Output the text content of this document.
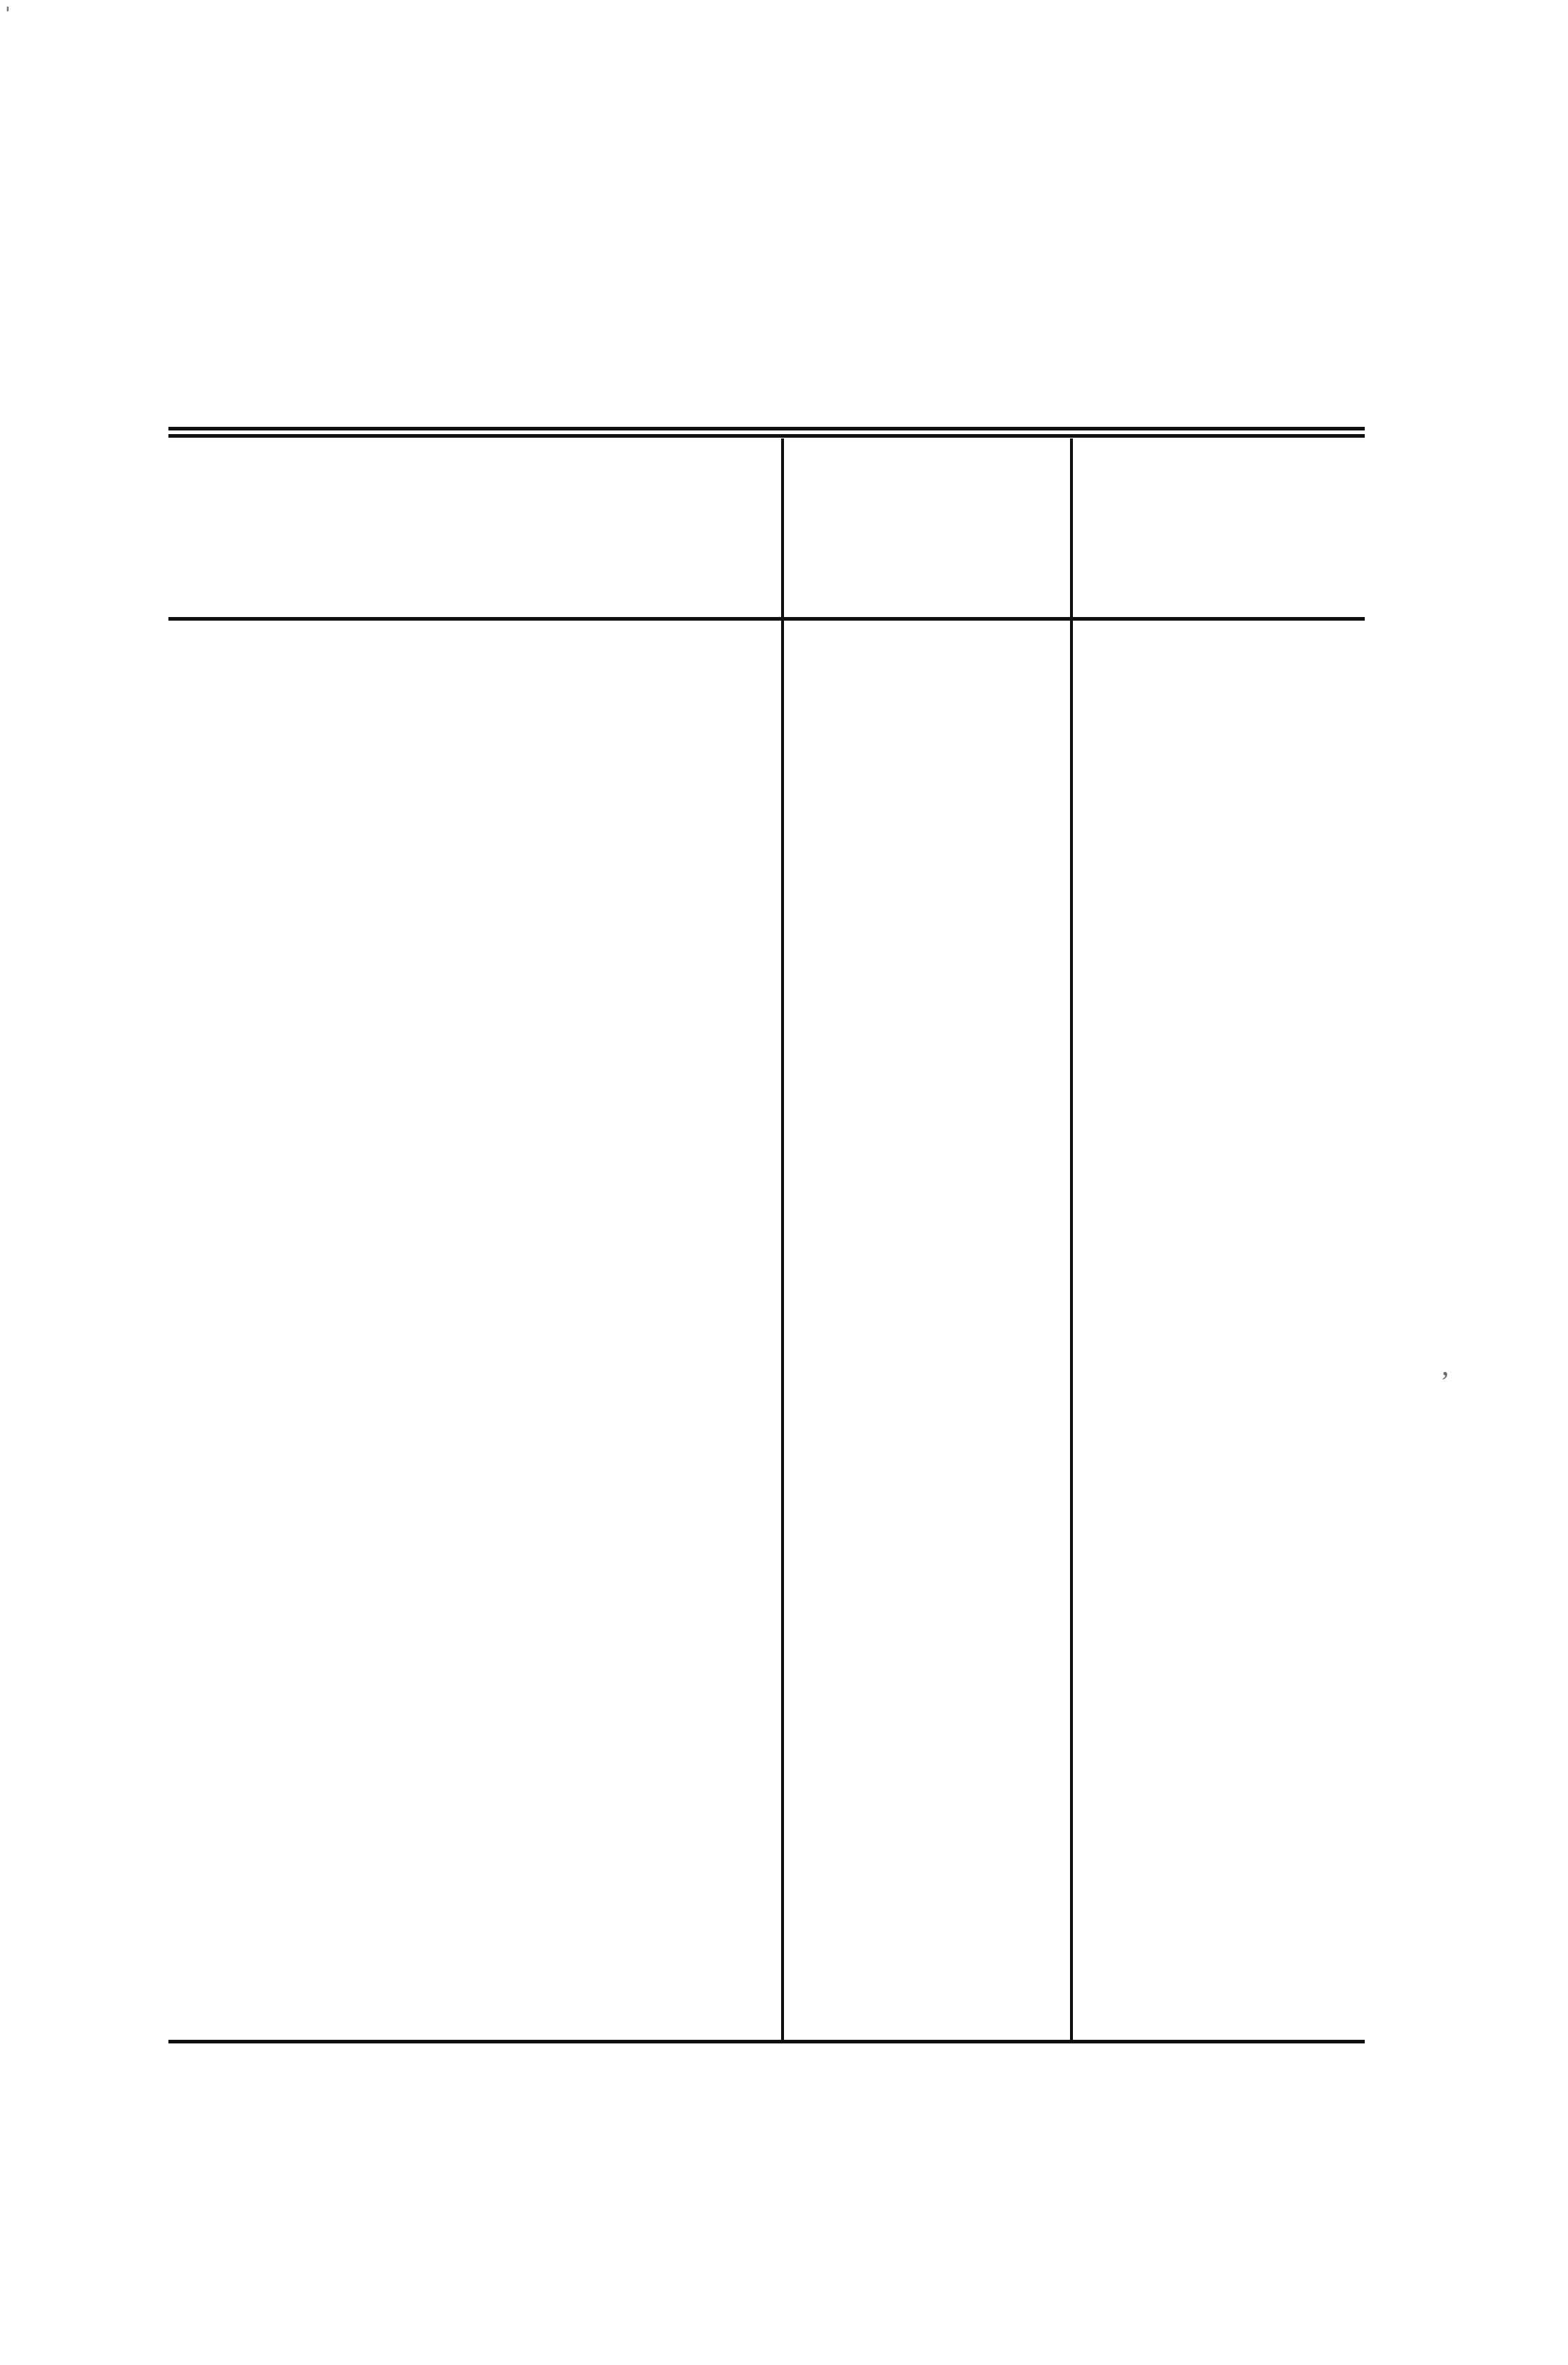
ˈ
ʼ
